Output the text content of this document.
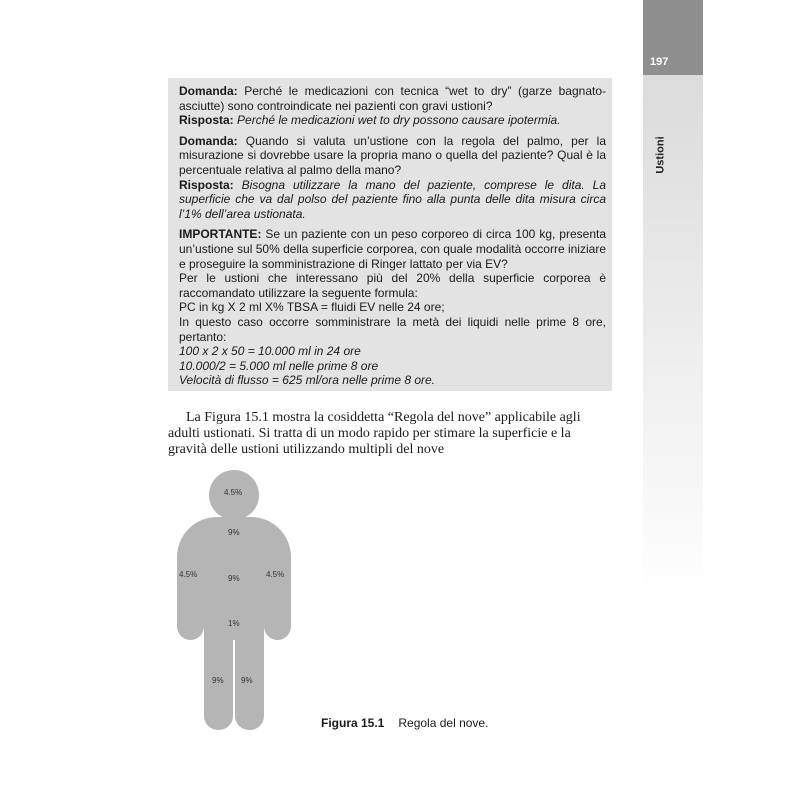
197
Ustioni

Domanda: Perché le medicazioni con tecnica “wet to dry” (garze bagnato-asciutte) sono controindicate nei pazienti con gravi ustioni?

Risposta: Perché le medicazioni wet to dry possono causare ipotermia.

Domanda: Quando si valuta un’ustione con la regola del palmo, per la misurazione si dovrebbe usare la propria mano o quella del paziente? Qual è la percentuale relativa al palmo della mano?

Risposta: Bisogna utilizzare la mano del paziente, comprese le dita. La superficie che va dal polso del paziente fino alla punta delle dita misura circa l’1% dell’area ustionata.

IMPORTANTE: Se un paziente con un peso corporeo di circa 100 kg, presenta un’ustione sul 50% della superficie corporea, con quale modalità occorre iniziare e proseguire la somministrazione di Ringer lattato per via EV?

Per le ustioni che interessano più del 20% della superficie corporea è raccomandato utilizzare la seguente formula:

PC in kg X 2 ml X% TBSA = fluidi EV nelle 24 ore;

In questo caso occorre somministrare la metà dei liquidi nelle prime 8 ore, pertanto:

100 x 2 x 50 = 10.000 ml in 24 ore

10.000/2 = 5.000 ml nelle prime 8 ore

Velocità di flusso = 625 ml/ora nelle prime 8 ore.

La Figura 15.1 mostra la cosiddetta “Regola del nove” applicabile agli adulti ustionati. Si tratta di un modo rapido per stimare la superficie e la gravità delle ustioni utilizzando multipli del nove

4.5%
9%
4.5%	9%	4.5%
1%
9% 9%
Figura 15.1 Regola del nove.
